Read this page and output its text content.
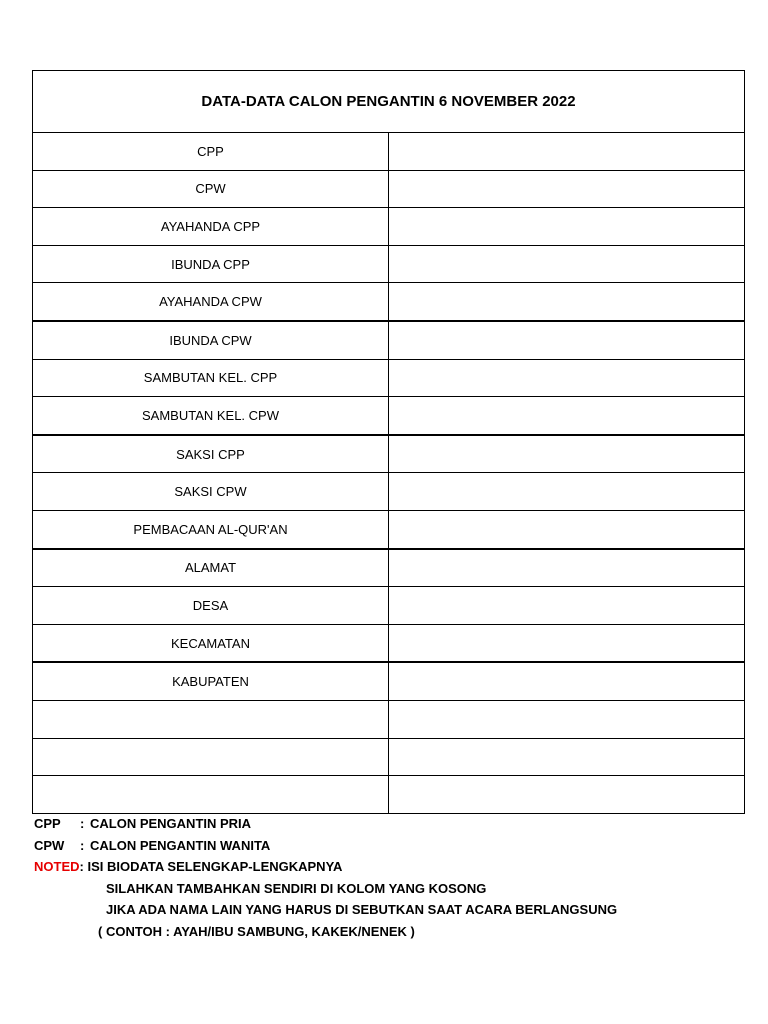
DATA-DATA CALON PENGANTIN 6 NOVEMBER 2022	
CPP	
CPW	
AYAHANDA CPP	
IBUNDA CPP	
AYAHANDA CPW	
IBUNDA CPW	
SAMBUTAN KEL. CPP	
SAMBUTAN KEL. CPW	
SAKSI CPP	
SAKSI CPW	
PEMBACAAN AL-QUR'AN	
ALAMAT	
DESA	
KECAMATAN	
KABUPATEN	

CPP : CALON PENGANTIN PRIA
CPW : CALON PENGANTIN WANITA
NOTED: ISI BIODATA SELENGKAP-LENGKAPNYA
SILAHKAN TAMBAHKAN SENDIRI DI KOLOM YANG KOSONG
JIKA ADA NAMA LAIN YANG HARUS DI SEBUTKAN SAAT ACARA BERLANGSUNG
( CONTOH : AYAH/IBU SAMBUNG, KAKEK/NENEK )
